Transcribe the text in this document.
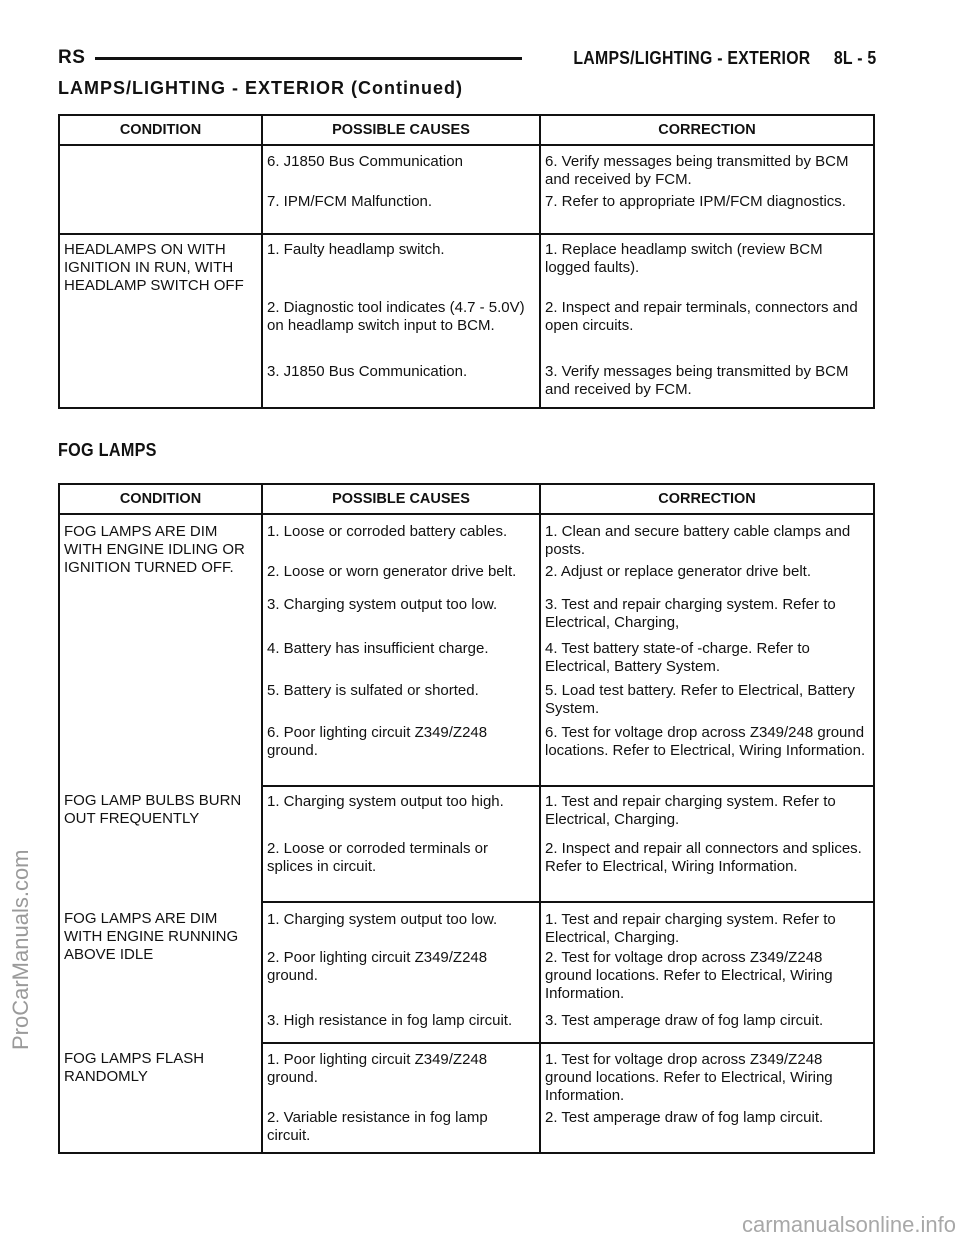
RS	LAMPS/LIGHTING - EXTERIOR     8L - 5
LAMPS/LIGHTING - EXTERIOR (Continued)
CONDITION	POSSIBLE CAUSES	CORRECTION
	6. J1850 Bus Communication	6. Verify messages being transmitted by BCM and received by FCM.
	7. IPM/FCM Malfunction.	7. Refer to appropriate IPM/FCM diagnostics.
HEADLAMPS ON WITH IGNITION IN RUN, WITH HEADLAMP SWITCH OFF	1. Faulty headlamp switch.	1. Replace headlamp switch (review BCM logged faults).
	2. Diagnostic tool indicates (4.7 - 5.0V) on headlamp switch input to BCM.	2. Inspect and repair terminals, connectors and open circuits.
	3. J1850 Bus Communication.	3. Verify messages being transmitted by BCM and received by FCM.
FOG LAMPS
CONDITION	POSSIBLE CAUSES	CORRECTION
FOG LAMPS ARE DIM WITH ENGINE IDLING OR IGNITION TURNED OFF.	1. Loose or corroded battery cables.	1. Clean and secure battery cable clamps and posts.
	2. Loose or worn generator drive belt.	2. Adjust or replace generator drive belt.
	3. Charging system output too low.	3. Test and repair charging system. Refer to Electrical, Charging,
	4. Battery has insufficient charge.	4. Test battery state-of -charge. Refer to Electrical, Battery System.
	5. Battery is sulfated or shorted.	5. Load test battery. Refer to Electrical, Battery System.
	6. Poor lighting circuit Z349/Z248 ground.	6. Test for voltage drop across Z349/248 ground locations. Refer to Electrical, Wiring Information.
FOG LAMP BULBS BURN OUT FREQUENTLY	1. Charging system output too high.	1. Test and repair charging system. Refer to Electrical, Charging.
	2. Loose or corroded terminals or splices in circuit.	2. Inspect and repair all connectors and splices. Refer to Electrical, Wiring Information.
FOG LAMPS ARE DIM WITH ENGINE RUNNING ABOVE IDLE	1. Charging system output too low.	1. Test and repair charging system. Refer to Electrical, Charging.
	2. Poor lighting circuit Z349/Z248 ground.	2. Test for voltage drop across Z349/Z248 ground locations. Refer to Electrical, Wiring Information.
	3. High resistance in fog lamp circuit.	3. Test amperage draw of fog lamp circuit.
FOG LAMPS FLASH RANDOMLY	1. Poor lighting circuit Z349/Z248 ground.	1. Test for voltage drop across Z349/Z248 ground locations. Refer to Electrical, Wiring Information.
	2. Variable resistance in fog lamp circuit.	2. Test amperage draw of fog lamp circuit.
ProCarManuals.com
carmanualsonline.info
